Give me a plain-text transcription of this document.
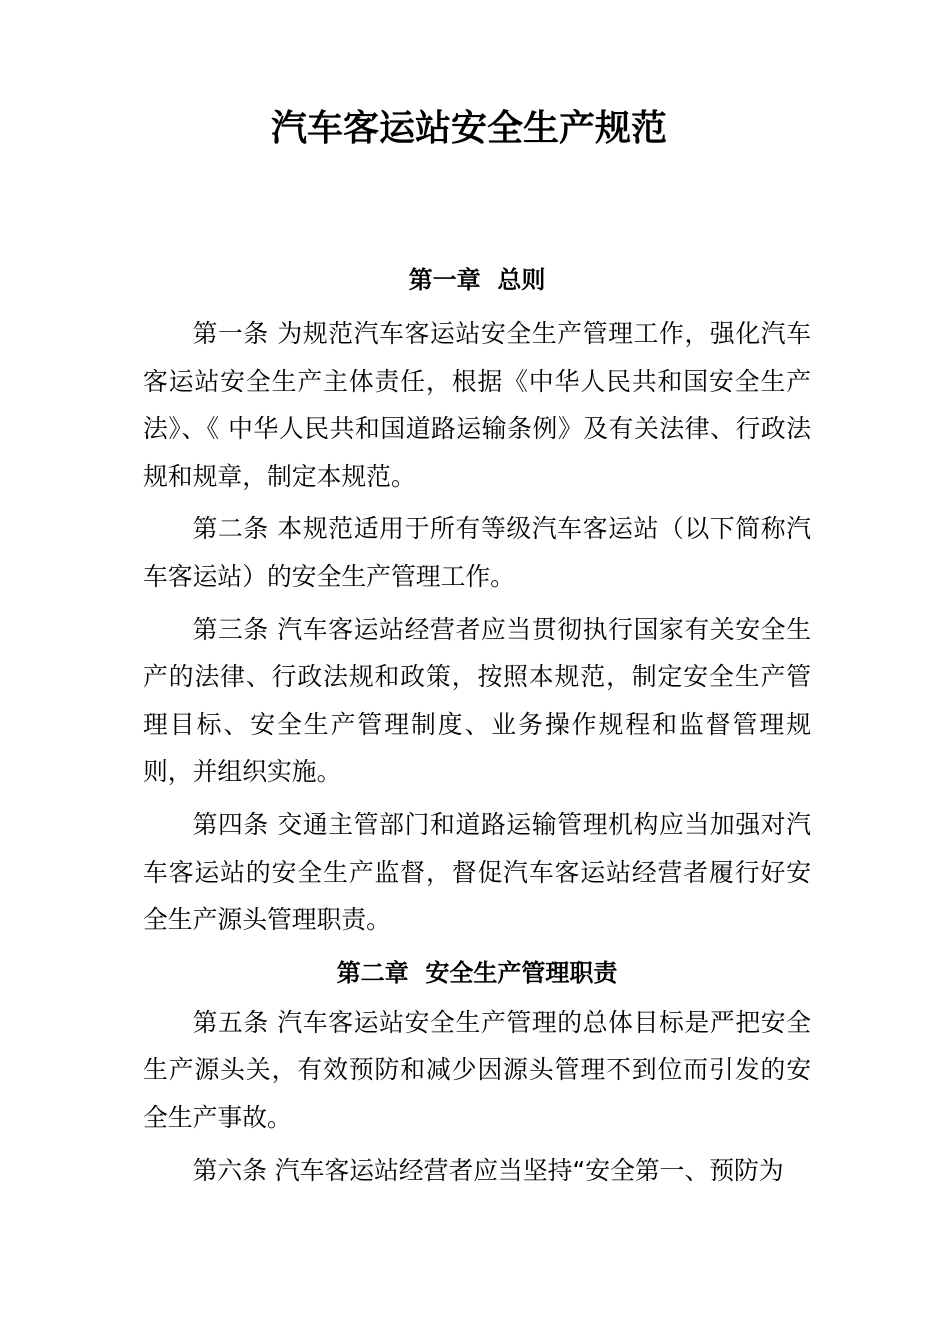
汽车客运站安全生产规范
第一章  总则

第一条 为规范汽车客运站安全生产管理工作，强化汽车客运站安全生产主体责任，根据《中华人民共和国安全生产法》、《 中华人民共和国道路运输条例》及有关法律、行政法规和规章，制定本规范。

第二条 本规范适用于所有等级汽车客运站（以下简称汽车客运站）的安全生产管理工作。

第三条 汽车客运站经营者应当贯彻执行国家有关安全生产的法律、行政法规和政策，按照本规范，制定安全生产管理目标、安全生产管理制度、业务操作规程和监督管理规则，并组织实施。

第四条 交通主管部门和道路运输管理机构应当加强对汽车客运站的安全生产监督，督促汽车客运站经营者履行好安全生产源头管理职责。

第二章  安全生产管理职责

第五条 汽车客运站安全生产管理的总体目标是严把安全生产源头关，有效预防和减少因源头管理不到位而引发的安全生产事故。

第六条 汽车客运站经营者应当坚持“安全第一、预防为
